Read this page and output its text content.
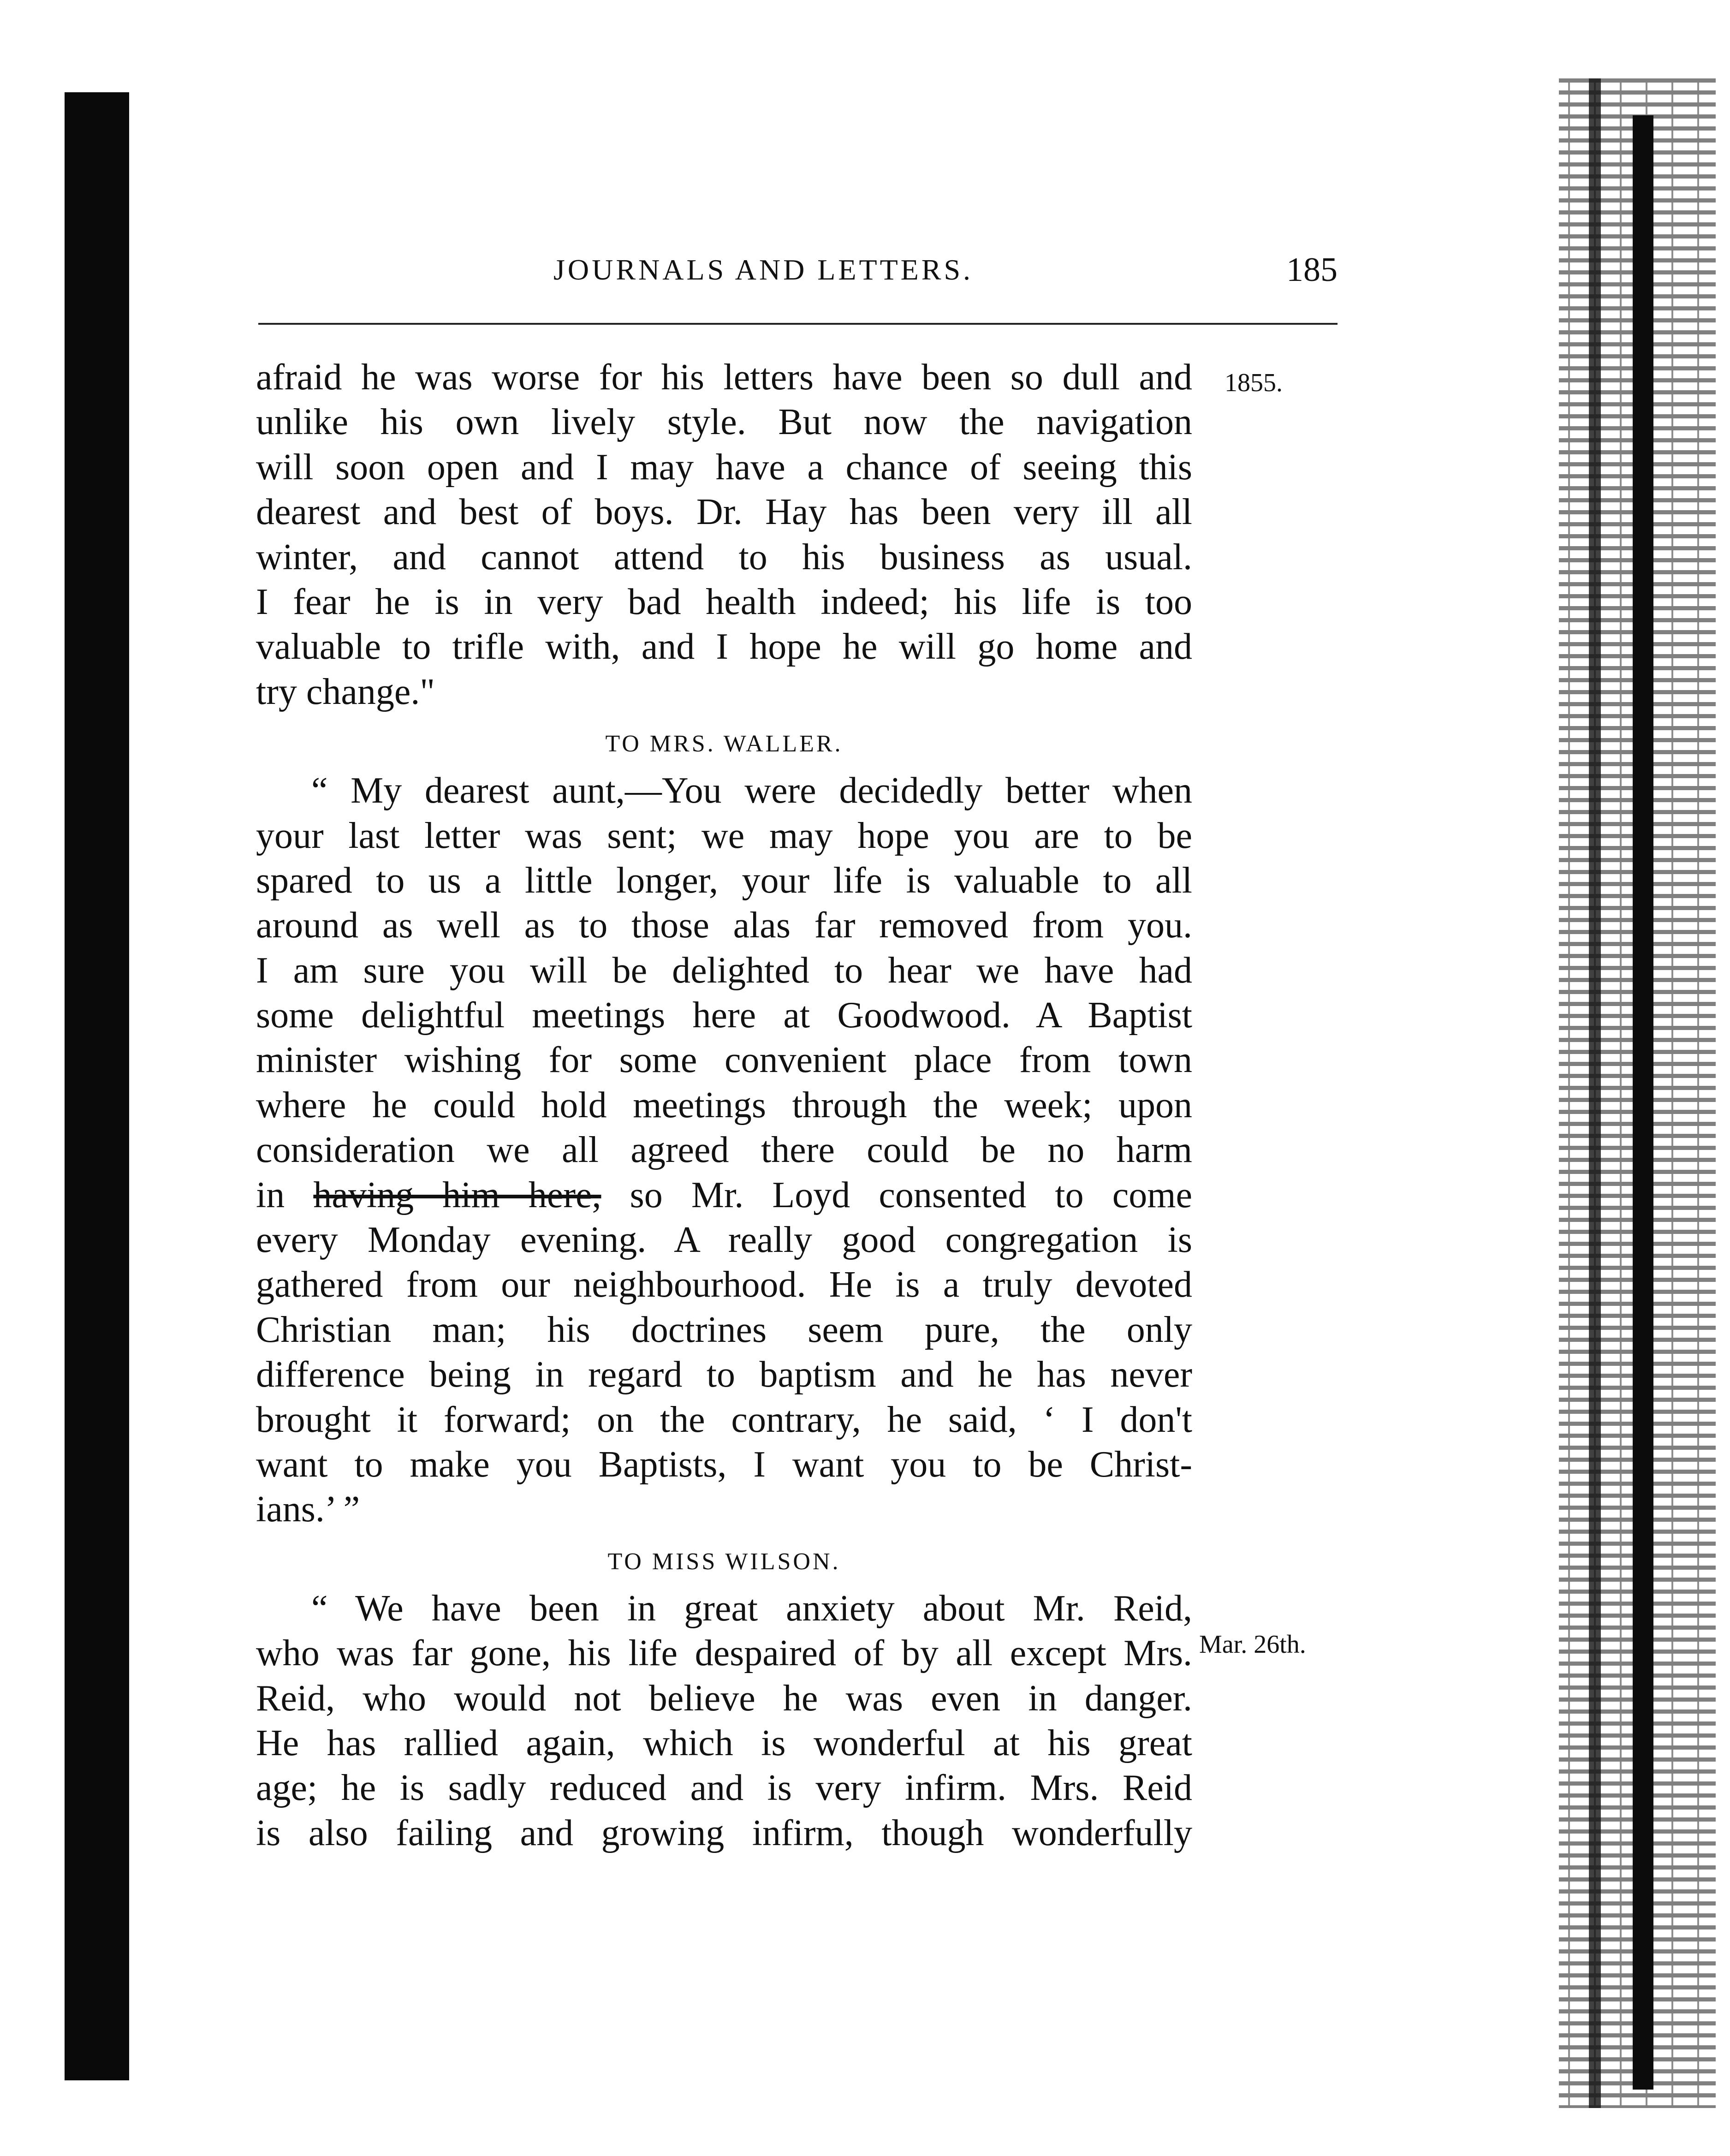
JOURNALS AND LETTERS.	185
1855.
Mar. 26th.
afraid he was worse for his letters have been so dull and
unlike his own lively style. But now the navigation
will soon open and I may have a chance of seeing this
dearest and best of boys. Dr. Hay has been very ill all
winter, and cannot attend to his business as usual.
I fear he is in very bad health indeed; his life is too
valuable to trifle with, and I hope he will go home and
try change."
TO MRS. WALLER.
“ My dearest aunt,—You were decidedly better when
your last letter was sent; we may hope you are to be
spared to us a little longer, your life is valuable to all
around as well as to those alas far removed from you.
I am sure you will be delighted to hear we have had
some delightful meetings here at Goodwood. A Baptist
minister wishing for some convenient place from town
where he could hold meetings through the week; upon
consideration we all agreed there could be no harm
in having him here, so Mr. Loyd consented to come
every Monday evening. A really good congregation is
gathered from our neighbourhood. He is a truly devoted
Christian man; his doctrines seem pure, the only
difference being in regard to baptism and he has never
brought it forward; on the contrary, he said, ‘ I don't
want to make you Baptists, I want you to be Christ-
ians.’ ”
TO MISS WILSON.
“ We have been in great anxiety about Mr. Reid,
who was far gone, his life despaired of by all except Mrs.
Reid, who would not believe he was even in danger.
He has rallied again, which is wonderful at his great
age; he is sadly reduced and is very infirm. Mrs. Reid
is also failing and growing infirm, though wonderfully
